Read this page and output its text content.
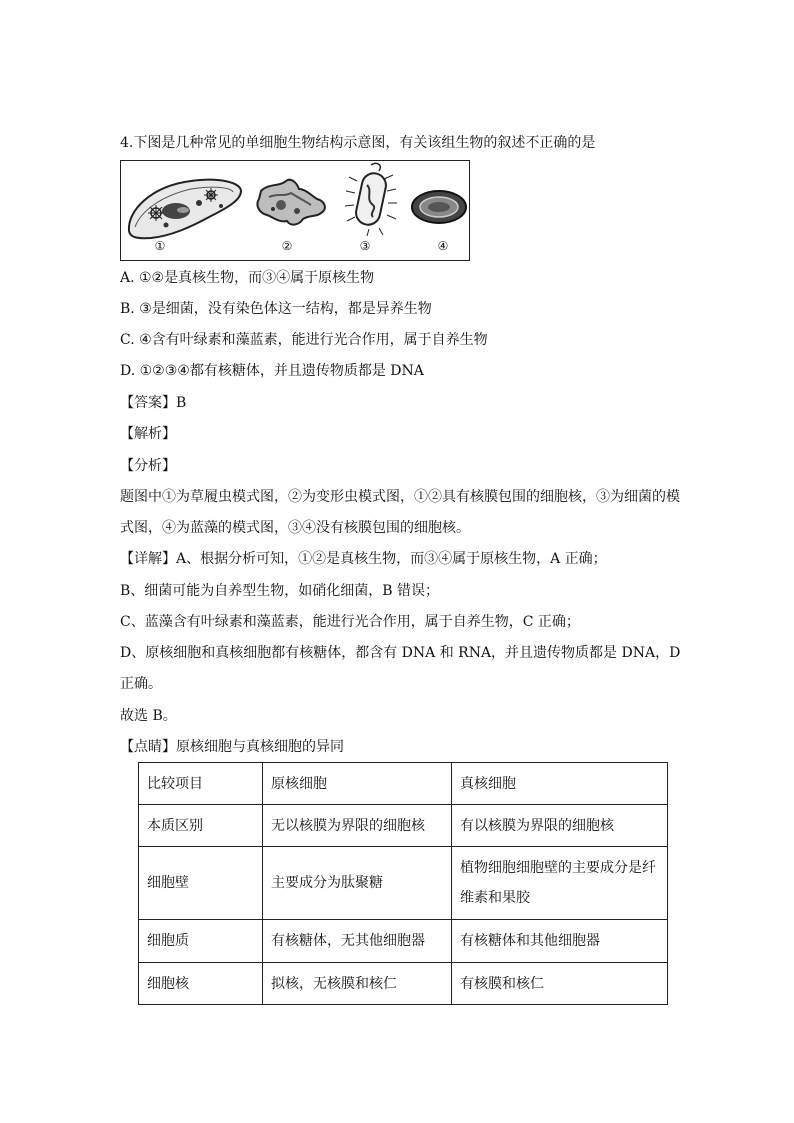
4.下图是几种常见的单细胞生物结构示意图，有关该组生物的叙述不正确的是
①	②	③	④
A. ①②是真核生物，而③④属于原核生物
B. ③是细菌，没有染色体这一结构，都是异养生物
C. ④含有叶绿素和藻蓝素，能进行光合作用，属于自养生物
D. ①②③④都有核糖体，并且遗传物质都是 DNA
【答案】B
【解析】
【分析】
题图中①为草履虫模式图，②为变形虫模式图，①②具有核膜包围的细胞核，③为细菌的模
式图，④为蓝藻的模式图，③④没有核膜包围的细胞核。
【详解】A、根据分析可知，①②是真核生物，而③④属于原核生物，A 正确；
B、细菌可能为自养型生物，如硝化细菌，B 错误；
C、蓝藻含有叶绿素和藻蓝素，能进行光合作用，属于自养生物，C 正确；
D、原核细胞和真核细胞都有核糖体，都含有 DNA 和 RNA，并且遗传物质都是 DNA，D
正确。
故选 B。
【点睛】原核细胞与真核细胞的异同
比较项目	原核细胞	真核细胞
本质区别	无以核膜为界限的细胞核	有以核膜为界限的细胞核
细胞壁	主要成分为肽聚糖	植物细胞细胞壁的主要成分是纤维素和果胶
细胞质	有核糖体，无其他细胞器	有核糖体和其他细胞器
细胞核	拟核，无核膜和核仁	有核膜和核仁
